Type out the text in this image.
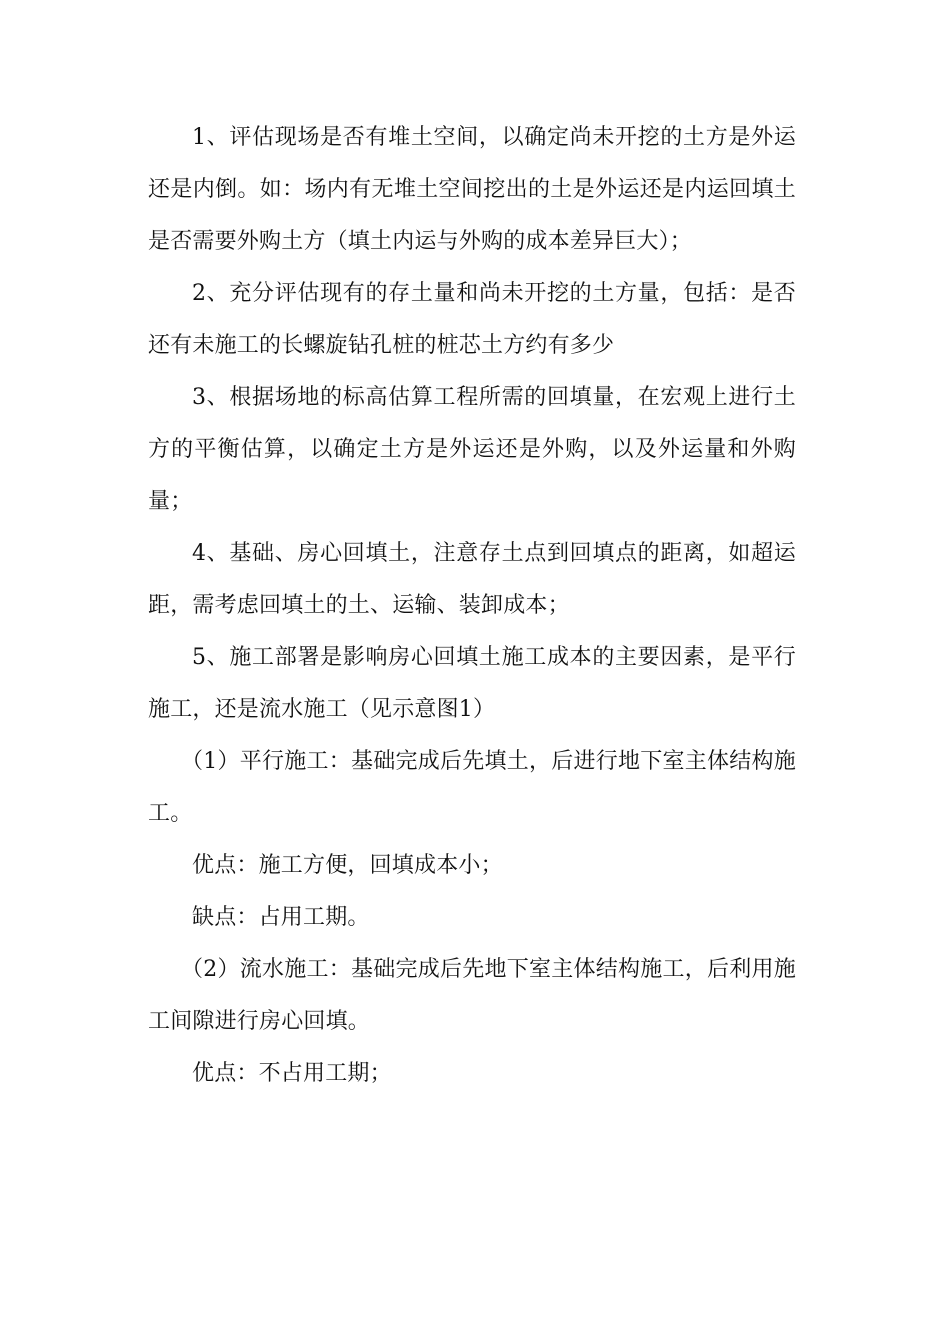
1、评估现场是否有堆土空间，以确定尚未开挖的土方是外运还是内倒。如：场内有无堆土空间挖出的土是外运还是内运回填土是否需要外购土方（填土内运与外购的成本差异巨大）；

2、充分评估现有的存土量和尚未开挖的土方量，包括：是否还有未施工的长螺旋钻孔桩的桩芯土方约有多少

3、根据场地的标高估算工程所需的回填量，在宏观上进行土方的平衡估算，以确定土方是外运还是外购，以及外运量和外购量；

4、基础、房心回填土，注意存土点到回填点的距离，如超运距，需考虑回填土的土、运输、装卸成本；

5、施工部署是影响房心回填土施工成本的主要因素，是平行施工，还是流水施工（见示意图1）

（1）平行施工：基础完成后先填土，后进行地下室主体结构施工。

优点：施工方便，回填成本小；

缺点：占用工期。

（2）流水施工：基础完成后先地下室主体结构施工，后利用施工间隙进行房心回填。

优点：不占用工期；
